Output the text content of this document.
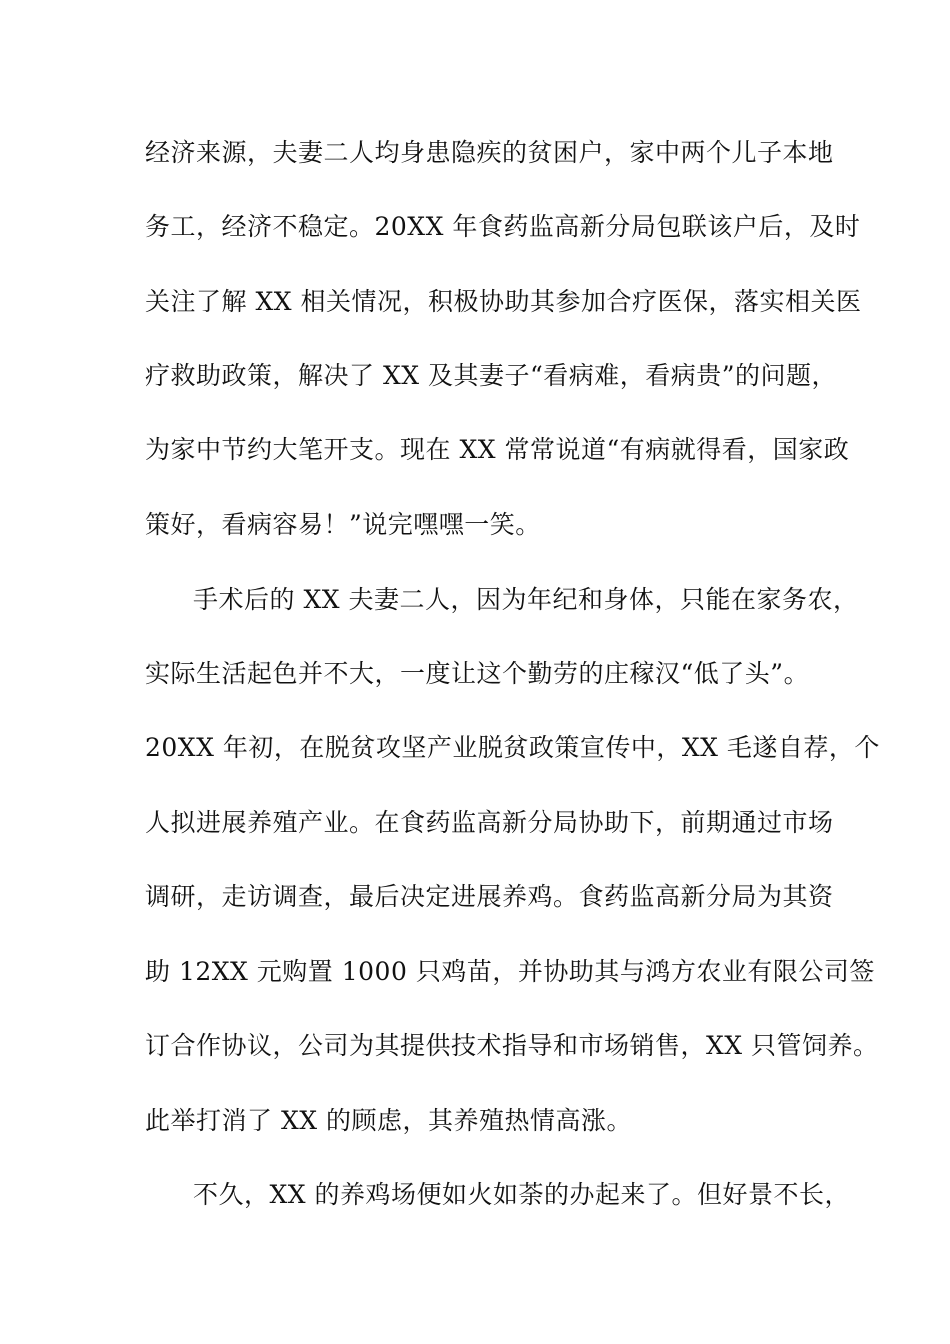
经济来源，夫妻二人均身患隐疾的贫困户，家中两个儿子本地
务工，经济不稳定。20XX 年食药监高新分局包联该户后，及时
关注了解 XX 相关情况，积极协助其参加合疗医保，落实相关医
疗救助政策，解决了 XX 及其妻子“看病难，看病贵”的问题，
为家中节约大笔开支。现在 XX 常常说道“有病就得看，国家政
策好，看病容易！”说完嘿嘿一笑。
手术后的 XX 夫妻二人，因为年纪和身体，只能在家务农，
实际生活起色并不大，一度让这个勤劳的庄稼汉“低了头”。
20XX 年初，在脱贫攻坚产业脱贫政策宣传中，XX 毛遂自荐，个
人拟进展养殖产业。在食药监高新分局协助下，前期通过市场
调研，走访调查，最后决定进展养鸡。食药监高新分局为其资
助 12XX 元购置 1000 只鸡苗，并协助其与鸿方农业有限公司签
订合作协议，公司为其提供技术指导和市场销售，XX 只管饲养。
此举打消了 XX 的顾虑，其养殖热情高涨。
不久，XX 的养鸡场便如火如荼的办起来了。但好景不长，
